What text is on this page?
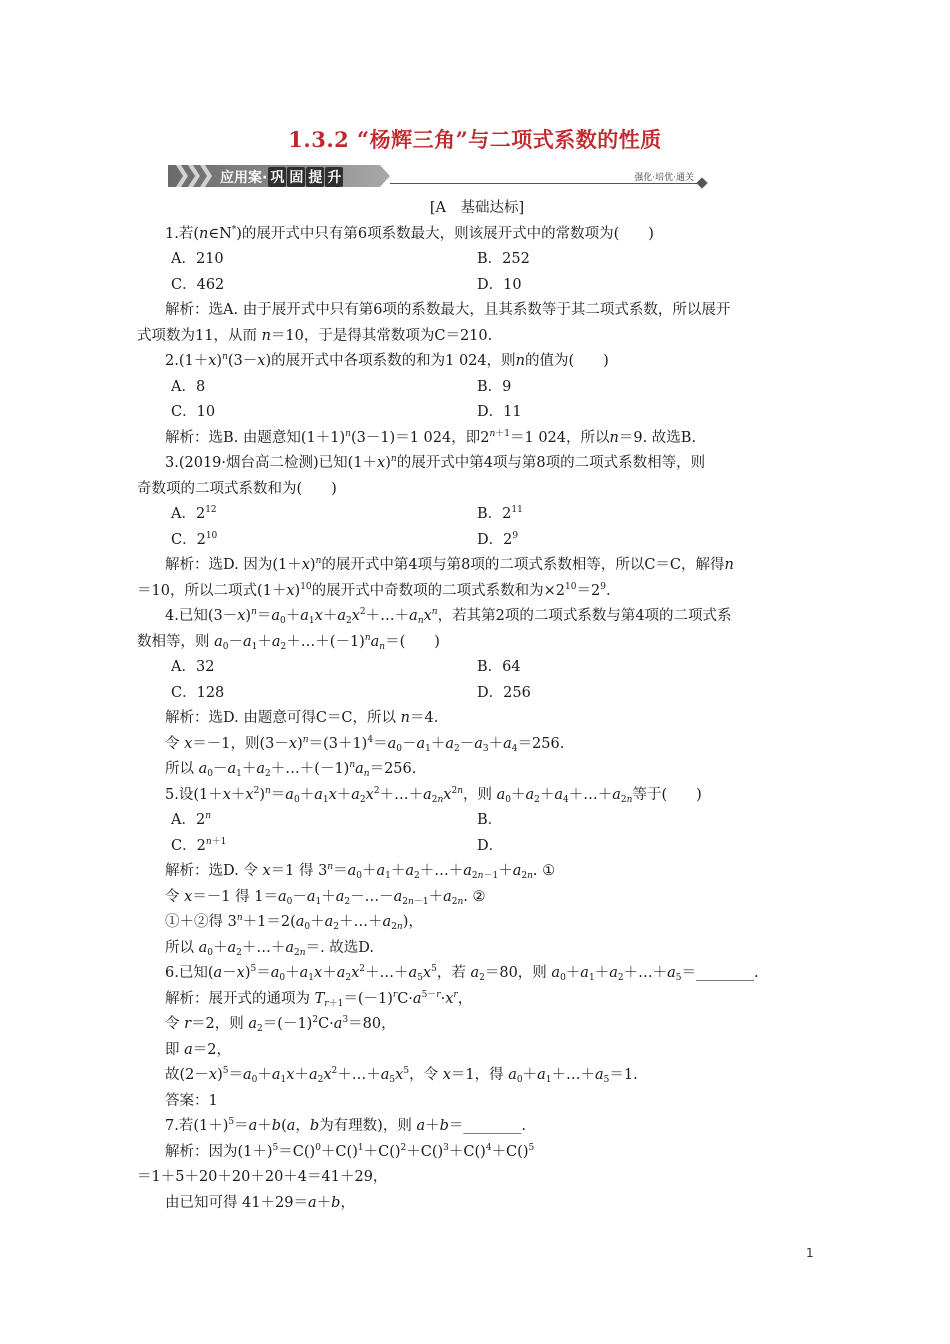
1.3.2 “杨辉三角”与二项式系数的性质
应用案· 巩 固 提 升	强化·培优·通关
[A　基础达标]
1.若(n∈N*)的展开式中只有第6项系数最大，则该展开式中的常数项为(　　)
A．210	B．252
C．462	D．10
解析：选A. 由于展开式中只有第6项的系数最大，且其系数等于其二项式系数，所以展开
式项数为11，从而 n＝10，于是得其常数项为C＝210.
$2.(1+x)^n(3-x)$的展开式中各项系数的和为1 024，则n的值为(　　)
A．8	B．9
C．10	D．11
解析：选B. 由题意知$(1+1)^n(3-1)=1$ 024，即$2^{n+1}=1$ 024，所以n＝9. 故选B.
3.(2019·烟台高二检测)已知$(1+x)^n$的展开式中第4项与第8项的二项式系数相等，则
奇数项的二项式系数和为(　　)
A．$2^{12}$	B．$2^{11}$
C．$2^{10}$	D．$2^9$
解析：选D. 因为$(1+x)^n$的展开式中第4项与第8项的二项式系数相等，所以C＝C，解得n
＝10，所以二项式$(1+x)^{10}$的展开式中奇数项的二项式系数和为$\times 2^{10}=2^9$.
4.已知$(3-x)^n=a_0+a_1x+a_2x^2+\dots+a_nx^n$，若其第2项的二项式系数与第4项的二项式系
数相等，则 $a_0-a_1+a_2+\dots+(-1)^na_n=$(　　)
A．32	B．64
C．128	D．256
解析：选D. 由题意可得C＝C，所以 n＝4.
令 x＝－1，则$(3-x)^n=(3+1)^4=a_0-a_1+a_2-a_3+a_4=256$.
所以 $a_0-a_1+a_2+\dots+(-1)^na_n=256$.
5.设$(1+x+x^2)^n=a_0+a_1x+a_2x^2+\dots+a_{2n}x^{2n}$，则 $a_0+a_2+a_4+\dots+a_{2n}$等于(　　)
A．2$^n$	B．
C．$2^{n+1}$	D．
解析：选D. 令 x＝1 得 $3^n=a_0+a_1+a_2+\dots+a_{2n-1}+a_{2n}$. ①
令 x＝－1 得 $1=a_0-a_1+a_2-\dots-a_{2n-1}+a_{2n}$. ②
①＋②得 $3^n+1=2(a_0+a_2+\dots+a_{2n})$，
所以 $a_0+a_2+\dots+a_{2n}=$. 故选D.
6.已知$(a-x)^5=a_0+a_1x+a_2x^2+\dots+a_5x^5$，若 $a_2=80$，则 $a_0+a_1+a_2+\dots+a_5=\_\_\_\_\_\_\_\_$.
解析：展开式的通项为 $T_{r+1}=(-1)^rC\cdot a^{5-r}\cdot x^r$，
令 r＝2，则 $a_2=(-1)^2C\cdot a^3=80$，
即 a＝2，
故$(2-x)^5=a_0+a_1x+a_2x^2+\dots+a_5x^5$，令 x＝1，得 $a_0+a_1+\dots+a_5=1$.
答案：1
7.若$(1+)^5=a+b(a$，b为有理数)，则 a＋b＝________.
解析：因为$(1+)^5=C()^0+C()^1+C()^2+C()^3+C()^4+C()^5$
＝1＋5＋20＋20＋20＋4＝41＋29，
由已知可得 41＋29＝a＋b，
1
